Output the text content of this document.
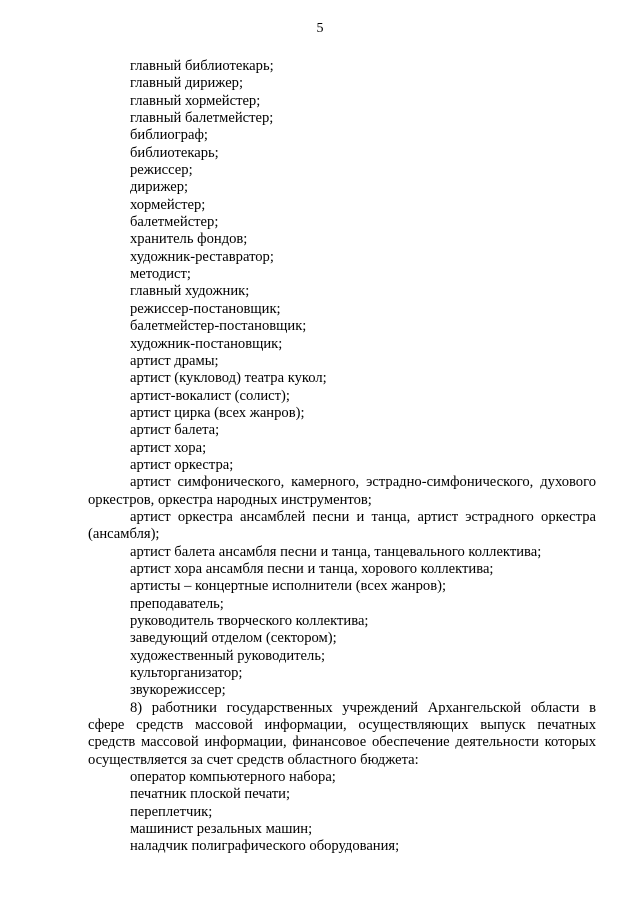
5

главный библиотекарь;

главный дирижер;

главный хормейстер;

главный балетмейстер;

библиограф;

библиотекарь;

режиссер;

дирижер;

хормейстер;

балетмейстер;

хранитель фондов;

художник-реставратор;

методист;

главный художник;

режиссер-постановщик;

балетмейстер-постановщик;

художник-постановщик;

артист драмы;

артист (кукловод) театра кукол;

артист-вокалист (солист);

артист цирка (всех жанров);

артист балета;

артист хора;

артист оркестра;

артист симфонического, камерного, эстрадно-симфонического, духового оркестров, оркестра народных инструментов;

артист оркестра ансамблей песни и танца, артист эстрадного оркестра (ансамбля);

артист балета ансамбля песни и танца, танцевального коллектива;

артист хора ансамбля песни и танца, хорового коллектива;

артисты – концертные исполнители (всех жанров);

преподаватель;

руководитель творческого коллектива;

заведующий отделом (сектором);

художественный руководитель;

культорганизатор;

звукорежиссер;

8) работники государственных учреждений Архангельской области в сфере средств массовой информации, осуществляющих выпуск печатных средств массовой информации, финансовое обеспечение деятельности которых осуществляется за счет средств областного бюджета:

оператор компьютерного набора;

печатник плоской печати;

переплетчик;

машинист резальных машин;

наладчик полиграфического оборудования;
